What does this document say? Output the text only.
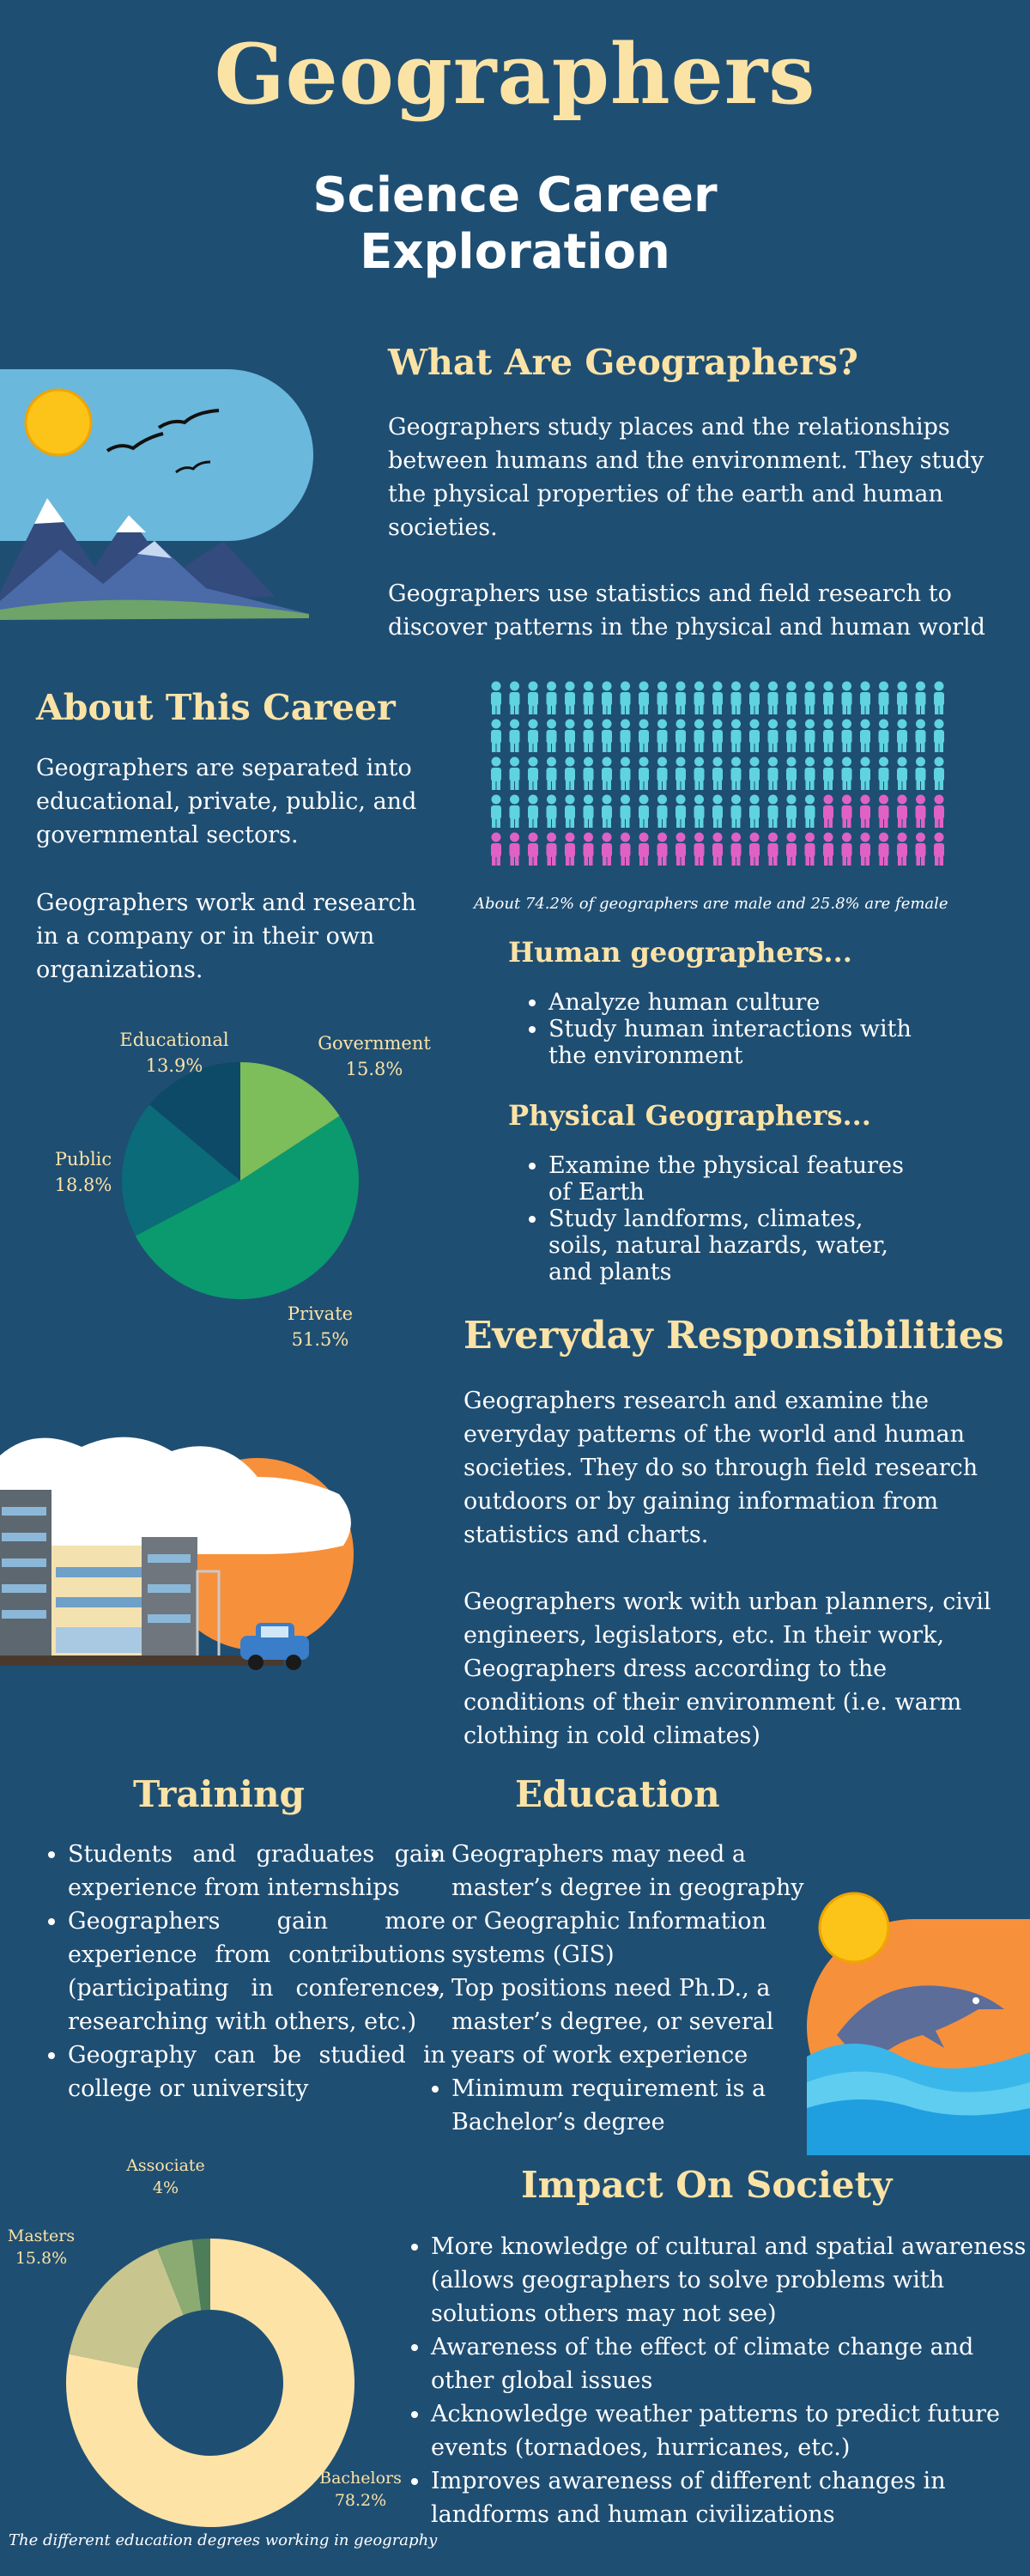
Geographers
Science Career Exploration
What Are Geographers?
Geographers study places and the relationships between humans and the environment. They study the physical properties of the earth and human societies.
Geographers use statistics and field research to discover patterns in the physical and human world
About This Career
Geographers are separated into educational, private, public, and governmental sectors.
Geographers work and research in a company or in their own organizations.
About 74.2% of geographers are male and 25.8% are female
Human geographers...
• Analyze human culture
• Study human interactions with the environment
Physical Geographers...
• Examine the physical features of Earth
• Study landforms, climates, soils, natural hazards, water, and plants
Government
15.8%
Private
51.5%
Public
18.8%
Educational
13.9%
Everyday Responsibilities
Geographers research and examine the everyday patterns of the world and human societies. They do so through field research outdoors or by gaining information from statistics and charts.
Geographers work with urban planners, civil engineers, legislators, etc. In their work, Geographers dress according to the conditions of their environment (i.e. warm clothing in cold climates)
Training
• Students and graduates gain experience from internships
• Geographers gain more experience from contributions (participating in conferences, researching with others, etc.)
• Geography can be studied in college or university
Education
• Geographers may need a master’s degree in geography or Geographic Information systems (GIS)
• Top positions need Ph.D., a master’s degree, or several years of work experience
• Minimum requirement is a Bachelor’s degree
Impact On Society
• More knowledge of cultural and spatial awareness (allows geographers to solve problems with solutions others may not see)
• Awareness of the effect of climate change and other global issues
• Acknowledge weather patterns to predict future events (tornadoes, hurricanes, etc.)
• Improves awareness of different changes in landforms and human civilizations
Bachelors
78.2%
Masters
15.8%
Associate
4%
The different education degrees working in geography
